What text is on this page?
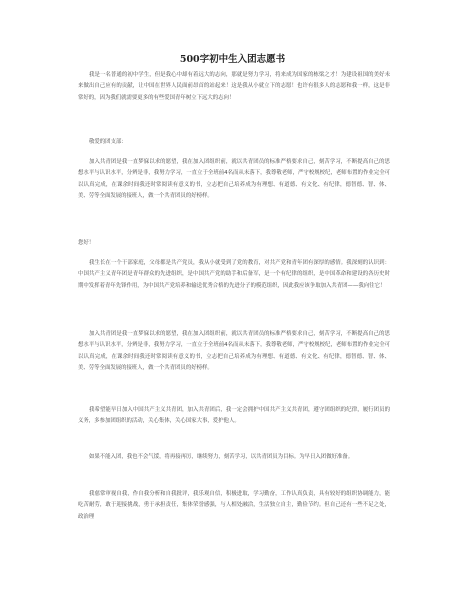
500字初中生入团志愿书

我是一名普通的初中学生，但是我心中却有着远大的志向，那就是努力学习，将来成为国家的栋梁之才！为建设祖国的美好未来做出自己应有的贡献，让中国在世界人民面前昂首的站起来！这是我从小就立下的志愿！也许有很多人的志愿和我一样，这是非常好的，因为我们就需要更多的有些爱国青年树立下远大的志向！

敬爱的团支部：

加入共青团是我一直梦寐以求的愿望，我在加入团组织前，就以共青团员的标准严格要求自己，刻苦学习，不断提高自己的思想水平与认识水平，分辨是非，我努力学习，一直立于全班前4名而从未落下，我尊敬老师，严守校规校纪，老师布置的作业完全可以认真完成，在课余时间我还时常阅读有意义的书，立志把自己培养成为有理想、有道德、有文化、有纪律，德智德、智、体、美、劳等全面发展的接班人，做一个共青团员的好榜样。

您好！

我生长在一个干部家庭，父母都是共产党员，我从小就受到了党的教育，对共产党和青年团有深厚的感情。我深刻的认识到：中国共产主义青年团是青年群众的先进组织，是中国共产党的助手和后备军，是一个有纪律的组织，是中国革命和建设的各历史时期中发挥着青年先锋作用，为中国共产党培养和输送优秀合格的先进分子的模范组织，因此我应该争取加入共青团——我向往它！

加入共青团是我一直梦寐以求的愿望，我在加入团组织前，就以共青团员的标准严格要求自己，刻苦学习，不断提高自己的思想水平与认识水平，分辨是非，我努力学习，一直立于全班前4名而从未落下，我尊敬老师，严守校规校纪，老师布置的作业完全可以认真完成，在课余时间我还时常阅读有意义的书，立志把自己培养成为有理想、有道德、有文化、有纪律，德智德、智、体、美、劳等全面发展的接班人，做一个共青团员的好榜样。

我希望能早日加入中国共产主义共青团，加入共青团后，我一定会拥护中国共产主义共青团，遵守团组织的纪律，履行团员的义务，多参加团组织的活动，关心集体，关心国家大事，爱护他人。

如果不能入团，我也不会气馁，将再接再厉，继续努力，刻苦学习，以共青团员为目标。为早日入团做好准备。

我慈常审视自我，作自我分析和自我批评，我乐观自信，积极进取，学习勤奋，工作认真负责，具有较好的组织协调能力，能吃苦耐劳，敢于迎接挑战，勇于承担责任，集体荣誉感强，与人相处融洽，生活独立自主，勤俭节约。但自己还有一些不足之处，政治理
